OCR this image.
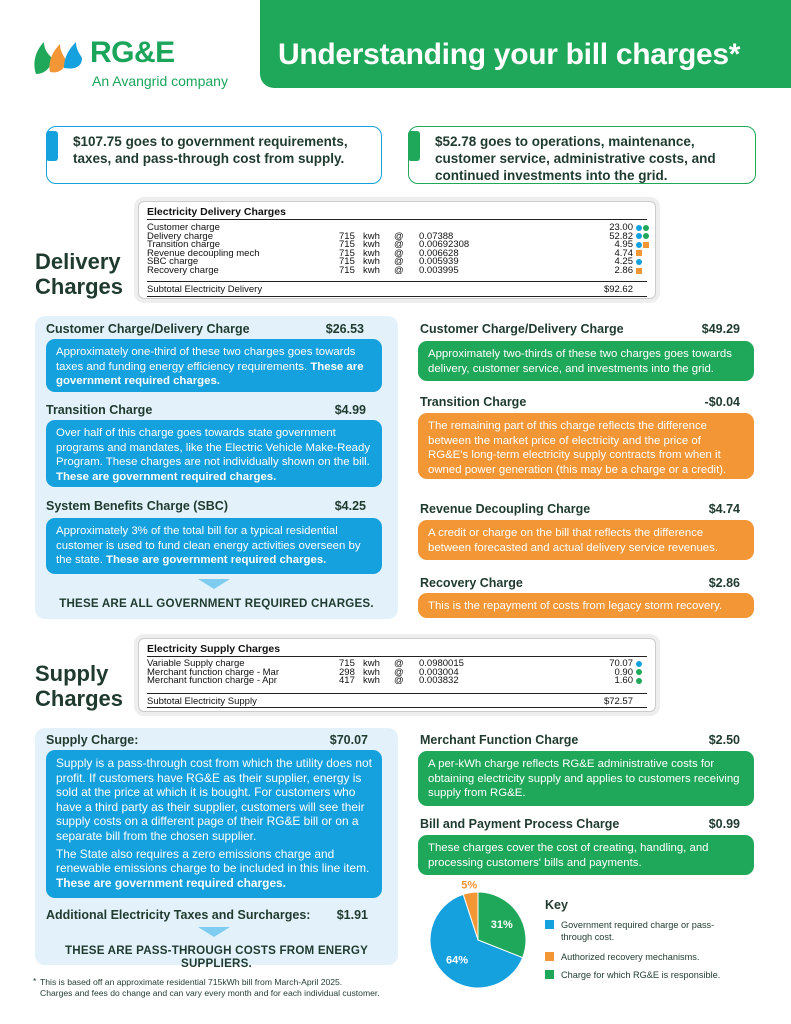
RG&E
An Avangrid company
Understanding your bill charges*

$107.75 goes to government requirements, taxes, and pass-through cost from supply.

$52.78 goes to operations, maintenance, customer service, administrative costs, and continued investments into the grid.

Delivery
Charges
Electricity Delivery Charges
Customer charge	23.00
Delivery charge	715 kwh @ 0.07388	52.82
Transition charge	715 kwh @ 0.00692308	4.95
Revenue decoupling mech	715 kwh @ 0.006628	4.74
SBC charge	715 kwh @ 0.005939	4.25
Recovery charge	715 kwh @ 0.003995	2.86
Subtotal Electricity Delivery	$92.62
Customer Charge/Delivery Charge	$26.53
Approximately one-third of these two charges goes towards taxes and funding energy efficiency requirements. These are government required charges.
Transition Charge	$4.99
Over half of this charge goes towards state government programs and mandates, like the Electric Vehicle Make-Ready Program. These charges are not individually shown on the bill. These are government required charges.
System Benefits Charge (SBC)	$4.25
Approximately 3% of the total bill for a typical residential customer is used to fund clean energy activities overseen by the state. These are government required charges.
THESE ARE ALL GOVERNMENT REQUIRED CHARGES.
Customer Charge/Delivery Charge	$49.29
Approximately two-thirds of these two charges goes towards delivery, customer service, and investments into the grid.
Transition Charge	-$0.04
The remaining part of this charge reflects the difference between the market price of electricity and the price of RG&E's long-term electricity supply contracts from when it owned power generation (this may be a charge or a credit).
Revenue Decoupling Charge	$4.74
A credit or charge on the bill that reflects the difference between forecasted and actual delivery service revenues.
Recovery Charge	$2.86
This is the repayment of costs from legacy storm recovery.
Supply
Charges
Electricity Supply Charges
Variable Supply charge	715 kwh @ 0.0980015	70.07
Merchant function charge - Mar	298 kwh @ 0.003004	0.90
Merchant function charge - Apr	417 kwh @ 0.003832	1.60
Subtotal Electricity Supply	$72.57
Supply Charge:	$70.07
Supply is a pass-through cost from which the utility does not profit. If customers have RG&E as their supplier, energy is sold at the price at which it is bought. For customers who have a third party as their supplier, customers will see their supply costs on a different page of their RG&E bill or on a separate bill from the chosen supplier.
The State also requires a zero emissions charge and renewable emissions charge to be included in this line item. These are government required charges.
Additional Electricity Taxes and Surcharges:	$1.91
THESE ARE PASS-THROUGH COSTS FROM ENERGY SUPPLIERS.
Merchant Function Charge	$2.50
A per-kWh charge reflects RG&E administrative costs for obtaining electricity supply and applies to customers receiving supply from RG&E.
Bill and Payment Process Charge	$0.99
These charges cover the cost of creating, handling, and processing customers' bills and payments.
5%
31%
64%
Key
Government required charge or pass-through cost.
Authorized recovery mechanisms.
Charge for which RG&E is responsible.
* This is based off an approximate residential 715kWh bill from March-April 2025.
Charges and fees do change and can vary every month and for each individual customer.
